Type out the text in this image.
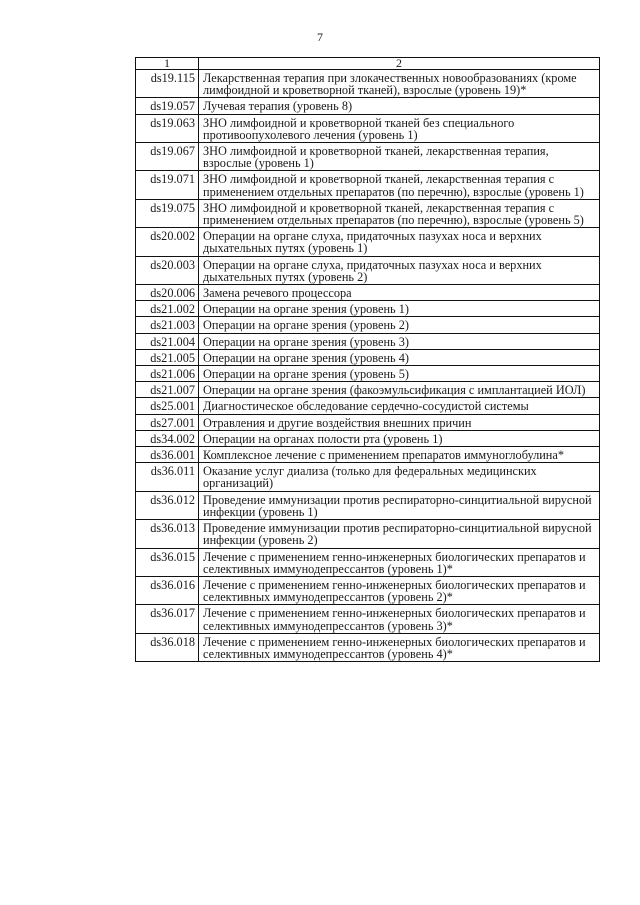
7
1	2
ds19.115	Лекарственная терапия при злокачественных новообразованиях (кроме лимфоидной и кроветворной тканей), взрослые (уровень 19)*
ds19.057	Лучевая терапия (уровень 8)
ds19.063	ЗНО лимфоидной и кроветворной тканей без специального противоопухолевого лечения (уровень 1)
ds19.067	ЗНО лимфоидной и кроветворной тканей, лекарственная терапия, взрослые (уровень 1)
ds19.071	ЗНО лимфоидной и кроветворной тканей, лекарственная терапия с применением отдельных препаратов (по перечню), взрослые (уровень 1)
ds19.075	ЗНО лимфоидной и кроветворной тканей, лекарственная терапия с применением отдельных препаратов (по перечню), взрослые (уровень 5)
ds20.002	Операции на органе слуха, придаточных пазухах носа и верхних дыхательных путях (уровень 1)
ds20.003	Операции на органе слуха, придаточных пазухах носа и верхних дыхательных путях (уровень 2)
ds20.006	Замена речевого процессора
ds21.002	Операции на органе зрения (уровень 1)
ds21.003	Операции на органе зрения (уровень 2)
ds21.004	Операции на органе зрения (уровень 3)
ds21.005	Операции на органе зрения (уровень 4)
ds21.006	Операции на органе зрения (уровень 5)
ds21.007	Операции на органе зрения (факоэмульсификация с имплантацией ИОЛ)
ds25.001	Диагностическое обследование сердечно-сосудистой системы
ds27.001	Отравления и другие воздействия внешних причин
ds34.002	Операции на органах полости рта (уровень 1)
ds36.001	Комплексное лечение с применением препаратов иммуноглобулина*
ds36.011	Оказание услуг диализа (только для федеральных медицинских организаций)
ds36.012	Проведение иммунизации против респираторно-синцитиальной вирусной инфекции (уровень 1)
ds36.013	Проведение иммунизации против респираторно-синцитиальной вирусной инфекции (уровень 2)
ds36.015	Лечение с применением генно-инженерных биологических препаратов и селективных иммунодепрессантов (уровень 1)*
ds36.016	Лечение с применением генно-инженерных биологических препаратов и селективных иммунодепрессантов (уровень 2)*
ds36.017	Лечение с применением генно-инженерных биологических препаратов и селективных иммунодепрессантов (уровень 3)*
ds36.018	Лечение с применением генно-инженерных биологических препаратов и селективных иммунодепрессантов (уровень 4)*
